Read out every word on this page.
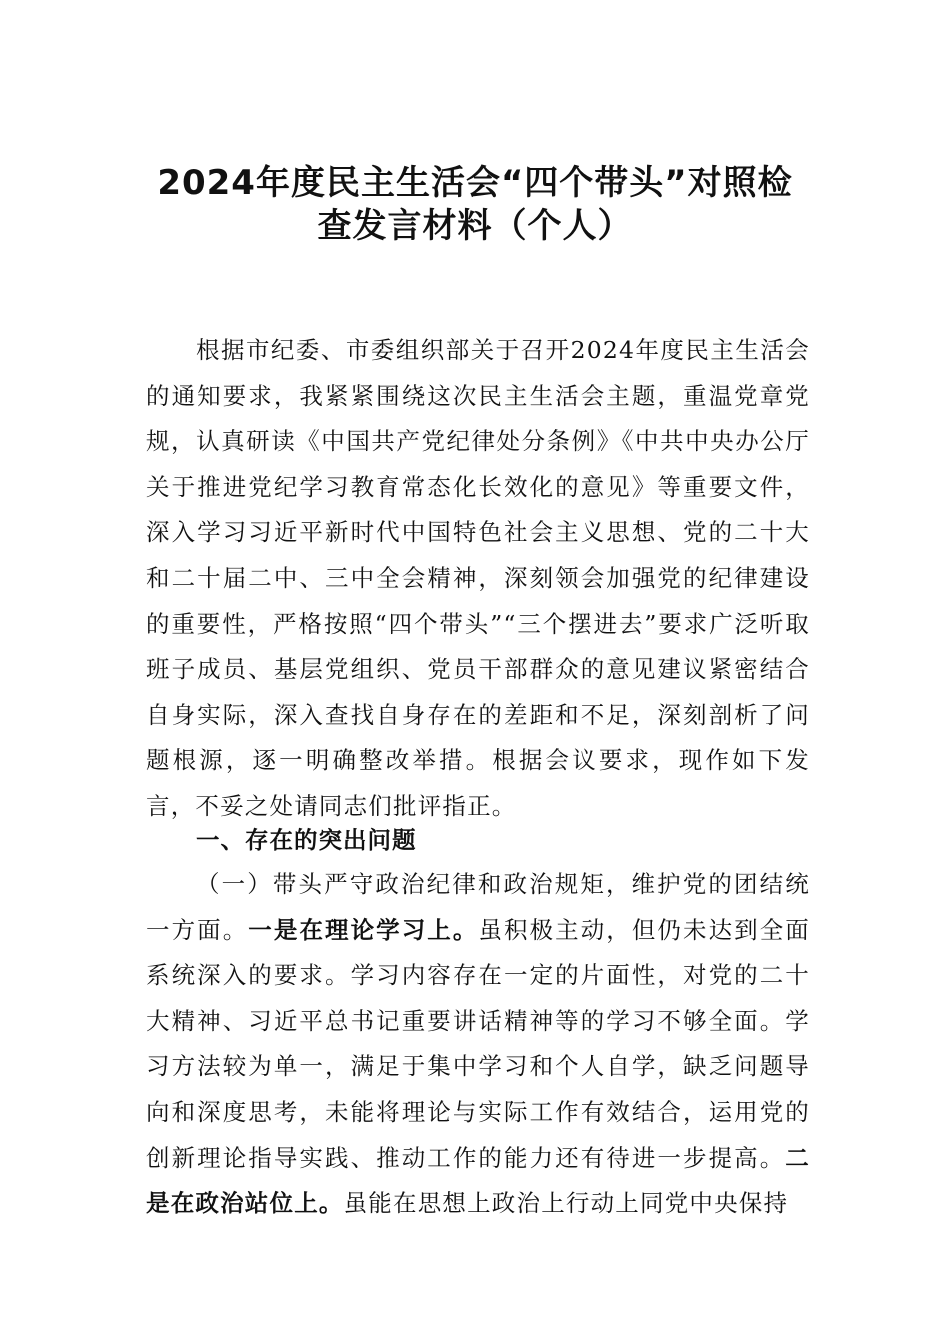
2024年度民主生活会“四个带头”对照检
查发言材料（个人）

根据市纪委、市委组织部关于召开2024年度民主生活会的通知要求，我紧紧围绕这次民主生活会主题，重温党章党规，认真研读《中国共产党纪律处分条例》《中共中央办公厅关于推进党纪学习教育常态化长效化的意见》等重要文件，深入学习习近平新时代中国特色社会主义思想、党的二十大和二十届二中、三中全会精神，深刻领会加强党的纪律建设的重要性，严格按照“四个带头”“三个摆进去”要求广泛听取班子成员、基层党组织、党员干部群众的意见建议紧密结合自身实际，深入查找自身存在的差距和不足，深刻剖析了问题根源，逐一明确整改举措。根据会议要求，现作如下发言，不妥之处请同志们批评指正。

一、存在的突出问题

（一）带头严守政治纪律和政治规矩，维护党的团结统一方面。一是在理论学习上。虽积极主动，但仍未达到全面系统深入的要求。学习内容存在一定的片面性，对党的二十大精神、习近平总书记重要讲话精神等的学习不够全面。学习方法较为单一，满足于集中学习和个人自学，缺乏问题导向和深度思考，未能将理论与实际工作有效结合，运用党的创新理论指导实践、推动工作的能力还有待进一步提高。二是在政治站位上。虽能在思想上政治上行动上同党中央保持
